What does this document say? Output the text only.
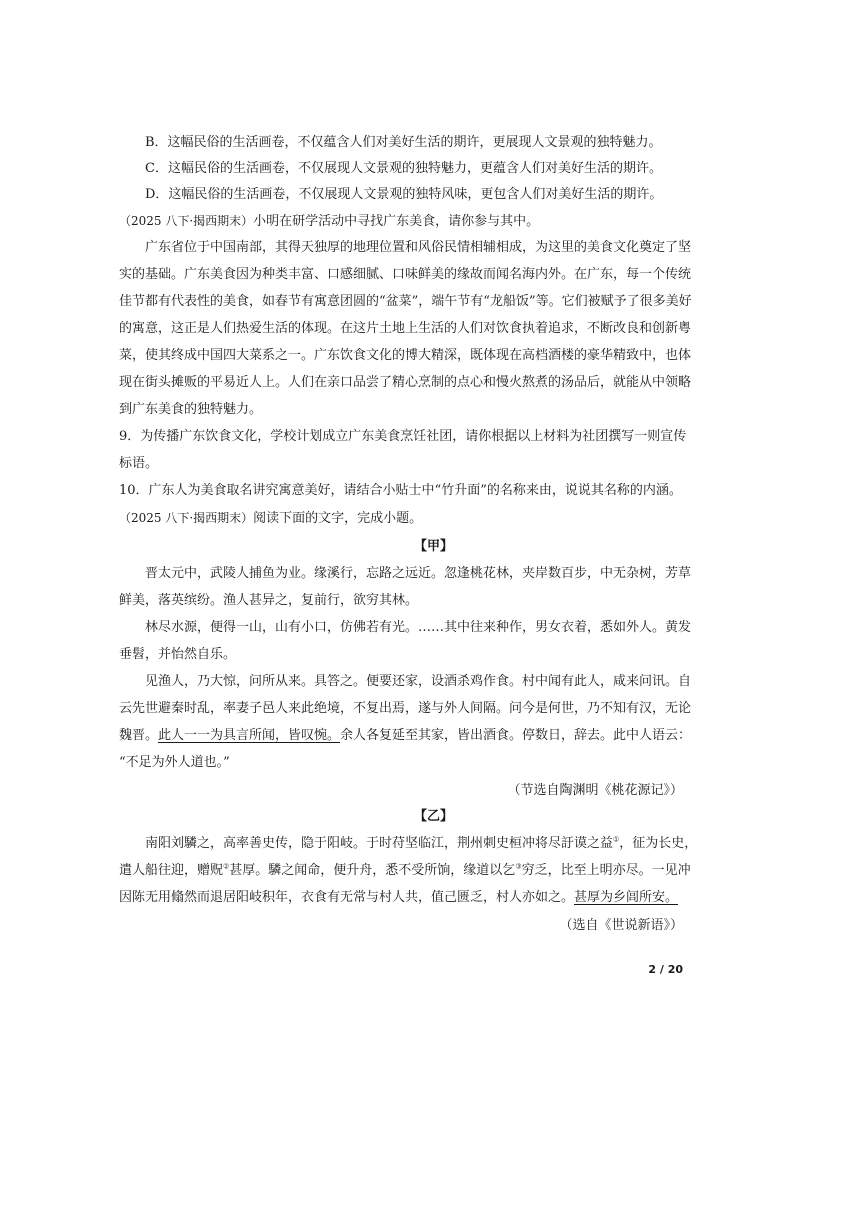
B．这幅民俗的生活画卷，不仅蕴含人们对美好生活的期许，更展现人文景观的独特魅力。
C．这幅民俗的生活画卷，不仅展现人文景观的独特魅力，更蕴含人们对美好生活的期许。
D．这幅民俗的生活画卷，不仅展现人文景观的独特风味，更包含人们对美好生活的期许。
（2025 八下·揭西期末）小明在研学活动中寻找广东美食，请你参与其中。
广东省位于中国南部，其得天独厚的地理位置和风俗民情相辅相成，为这里的美食文化奠定了坚
实的基础。广东美食因为种类丰富、口感细腻、口味鲜美的缘故而闻名海内外。在广东，每一个传统
佳节都有代表性的美食，如春节有寓意团圆的“盆菜”，端午节有“龙船饭”等。它们被赋予了很多美好
的寓意，这正是人们热爱生活的体现。在这片土地上生活的人们对饮食执着追求，不断改良和创新粤
菜，使其终成中国四大菜系之一。广东饮食文化的博大精深，既体现在高档酒楼的豪华精致中，也体
现在街头摊贩的平易近人上。人们在亲口品尝了精心烹制的点心和慢火熬煮的汤品后，就能从中领略
到广东美食的独特魅力。
9．为传播广东饮食文化，学校计划成立广东美食烹饪社团，请你根据以上材料为社团撰写一则宣传
标语。
10．广东人为美食取名讲究寓意美好，请结合小贴士中“竹升面”的名称来由，说说其名称的内涵。
（2025 八下·揭西期末）阅读下面的文字，完成小题。
【甲】
晋太元中，武陵人捕鱼为业。缘溪行，忘路之远近。忽逢桃花林，夹岸数百步，中无杂树，芳草
鲜美，落英缤纷。渔人甚异之，复前行，欲穷其林。
林尽水源，便得一山，山有小口，仿佛若有光。……其中往来种作，男女衣着，悉如外人。黄发
垂髫，并怡然自乐。
见渔人，乃大惊，问所从来。具答之。便要还家，设酒杀鸡作食。村中闻有此人，咸来问讯。自
云先世避秦时乱，率妻子邑人来此绝境，不复出焉，遂与外人间隔。问今是何世，乃不知有汉，无论
魏晋。此人一一为具言所闻，皆叹惋。余人各复延至其家，皆出酒食。停数日，辞去。此中人语云：
“不足为外人道也。”
（节选自陶渊明《桃花源记》）
【乙】
南阳刘驎之，高率善史传，隐于阳岐。于时苻坚临江，荆州刺史桓冲将尽訏谟之益①，征为长史，
遣人船往迎，赠贶②甚厚。驎之闻命，便升舟，悉不受所饷，缘道以乞③穷乏，比至上明亦尽。一见冲
因陈无用翛然而退居阳岐积年，衣食有无常与村人共，值己匮乏，村人亦如之。甚厚为乡闾所安。
（选自《世说新语》）
2 / 20
